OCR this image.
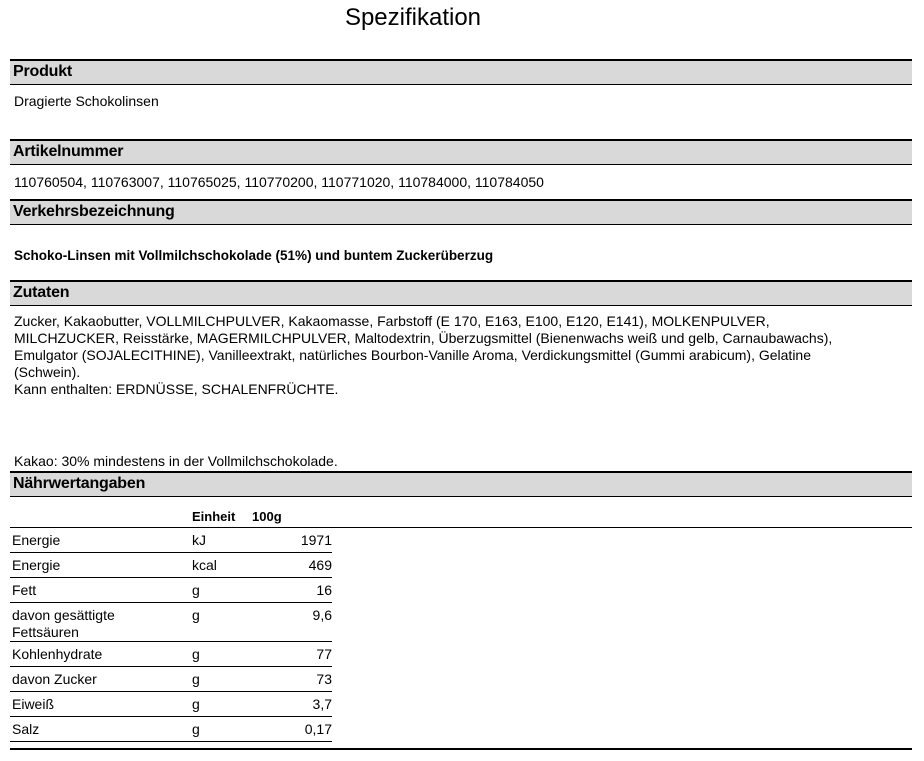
Spezifikation
Produkt
Dragierte Schokolinsen
Artikelnummer
110760504, 110763007, 110765025, 110770200, 110771020, 110784000, 110784050
Verkehrsbezeichnung
Schoko-Linsen mit Vollmilchschokolade (51%) und buntem Zuckerüberzug
Zutaten
Zucker, Kakaobutter, VOLLMILCHPULVER, Kakaomasse, Farbstoff (E 170, E163, E100, E120, E141), MOLKENPULVER,
MILCHZUCKER, Reisstärke, MAGERMILCHPULVER, Maltodextrin, Überzugsmittel (Bienenwachs weiß und gelb, Carnaubawachs),
Emulgator (SOJALECITHINE), Vanilleextrakt, natürliches Bourbon-Vanille Aroma, Verdickungsmittel (Gummi arabicum), Gelatine
(Schwein).
Kann enthalten: ERDNÜSSE, SCHALENFRÜCHTE.
Kakao: 30% mindestens in der Vollmilchschokolade.
Nährwertangaben
	Einheit	100g	
Energie	kJ	1971	
Energie	kcal	469	
Fett	g	16	
davon gesättigte
Fettsäuren	g	9,6	
Kohlenhydrate	g	77	
davon Zucker	g	73	
Eiweiß	g	3,7	
Salz	g	0,17	
